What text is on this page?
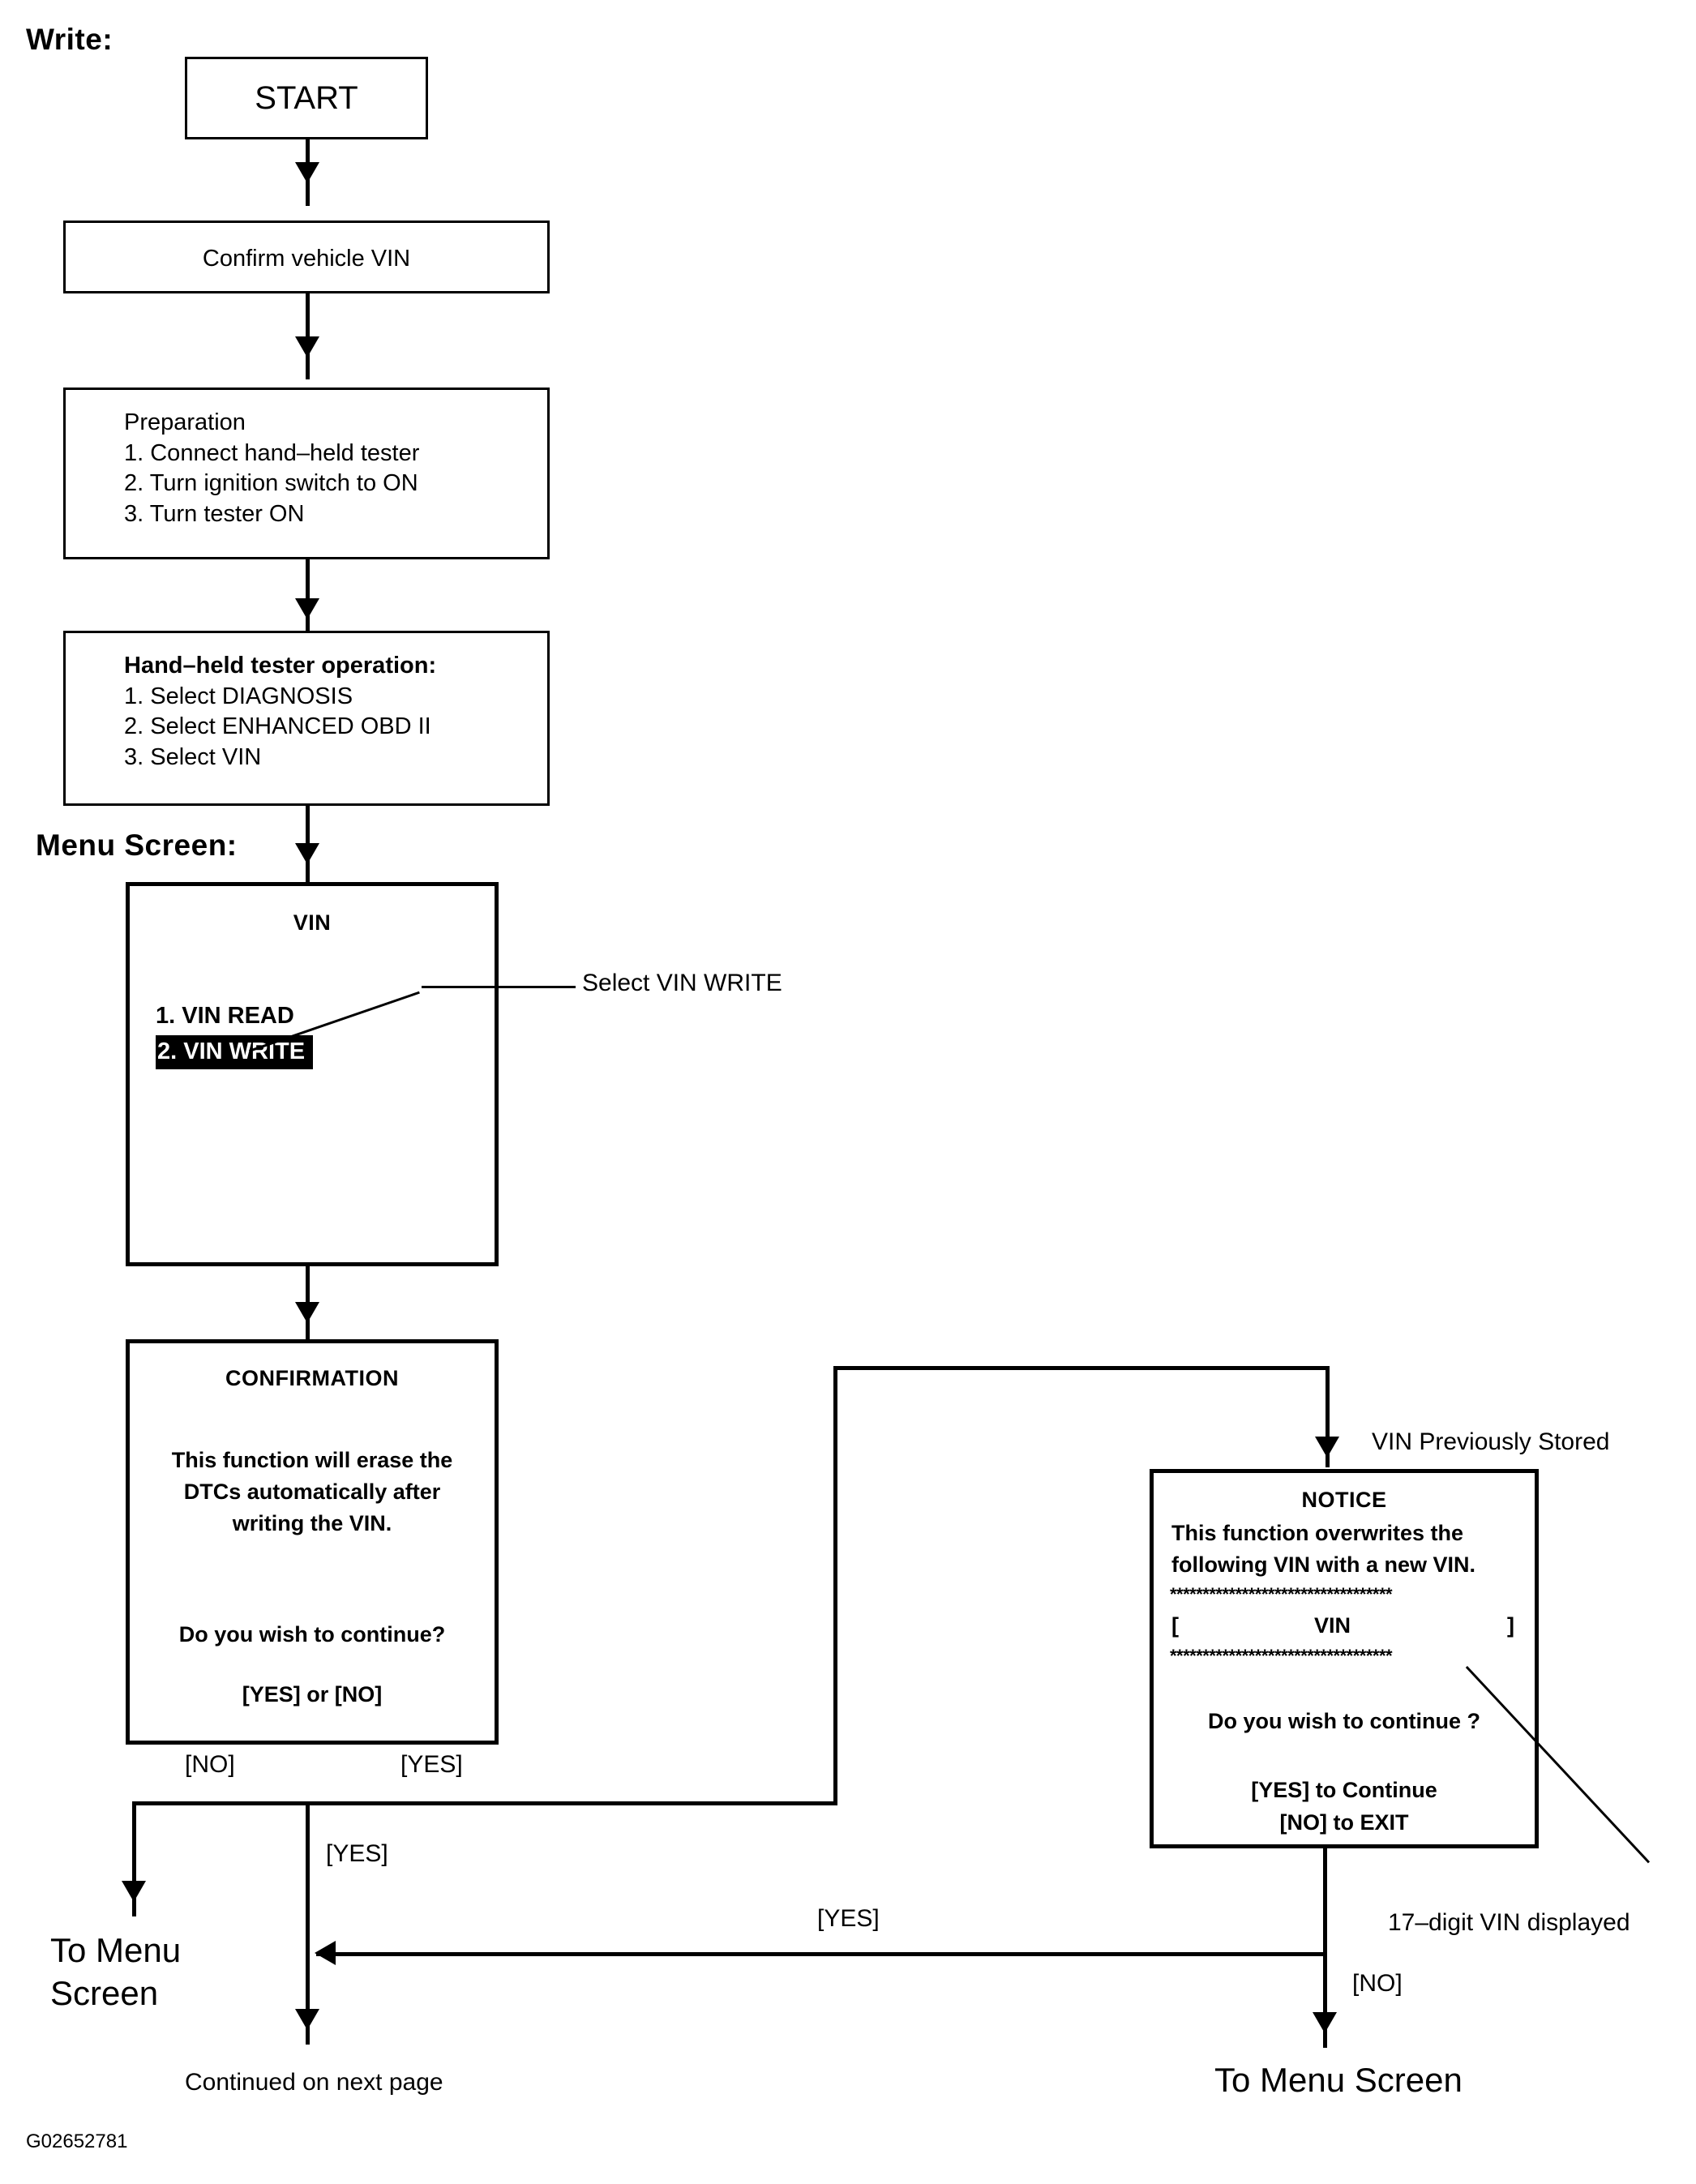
Write:
Menu Screen:
START
Confirm vehicle VIN
Preparation
1. Connect hand–held tester
2. Turn ignition switch to ON
3. Turn tester ON
Hand–held tester operation:
1. Select DIAGNOSIS
2. Select ENHANCED OBD II
3. Select VIN
VIN
1. VIN READ
2. VIN WRITE
Select VIN WRITE
CONFIRMATION
This function will erase the
DTCs automatically after
writing the VIN.
Do you wish to continue?
[YES] or [NO]
NOTICE
This function overwrites the
following VIN with a new VIN.
**********************************
[	VIN	]
**********************************
Do you wish to continue ?
[YES] to Continue
[NO] to EXIT
VIN Previously Stored
17–digit VIN displayed
[NO]	[YES]
[YES]
To Menu
Screen
Continued on next page
[YES]
[NO]
To Menu Screen
G02652781
